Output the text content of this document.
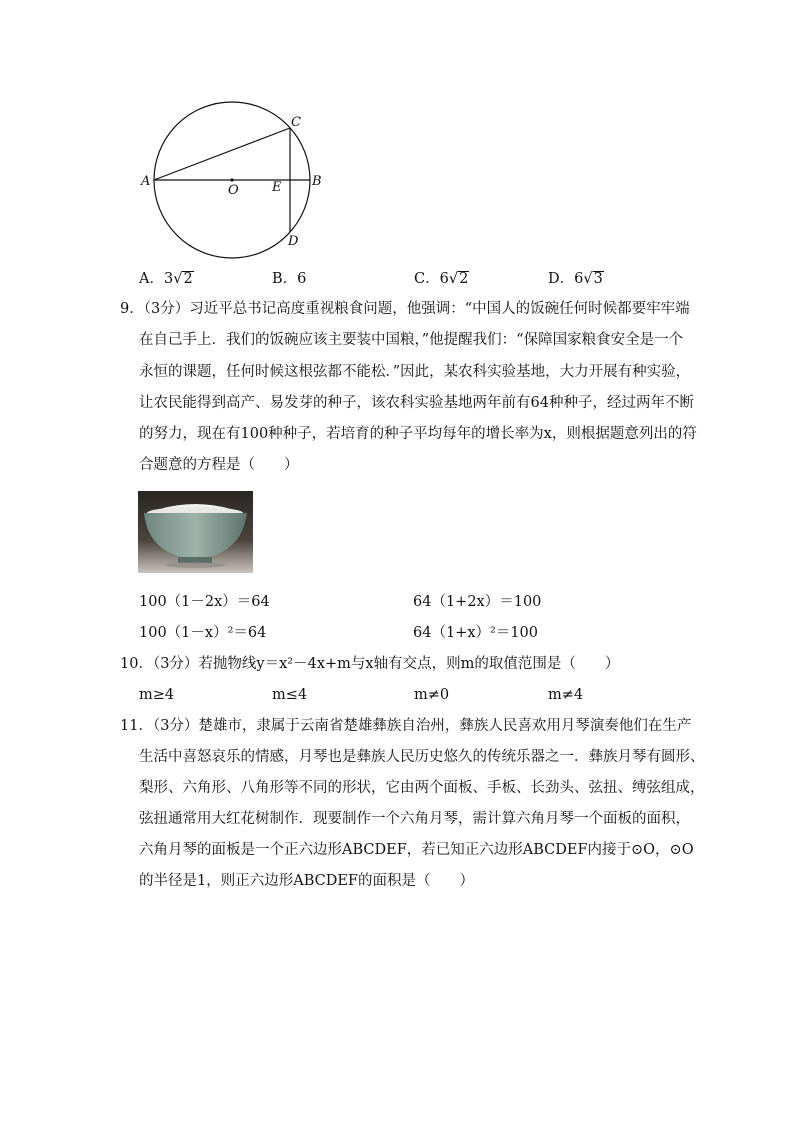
A	B
C
D
E
O
A．3√2	B．6	C．6√2	D．6√3
9．（3分）习近平总书记高度重视粮食问题，他强调：“中国人的饭碗任何时候都要牢牢端
在自己手上．我们的饭碗应该主要装中国粮，”他提醒我们：“保障国家粮食安全是一个
永恒的课题，任何时候这根弦都不能松．”因此，某农科实验基地，大力开展有种实验，
让农民能得到高产、易发芽的种子，该农科实验基地两年前有64种种子，经过两年不断
的努力，现在有100种种子，若培育的种子平均每年的增长率为x，则根据题意列出的符
合题意的方程是（　　）
100（1－2x）＝64	64（1+2x）＝100
100（1－x）²＝64	64（1+x）²＝100
10．（3分）若抛物线y＝x²－4x+m与x轴有交点，则m的取值范围是（　　）
m≥4	m≤4	m≠0	m≠4
11．（3分）楚雄市，隶属于云南省楚雄彝族自治州，彝族人民喜欢用月琴演奏他们在生产
生活中喜怒哀乐的情感，月琴也是彝族人民历史悠久的传统乐器之一．彝族月琴有圆形、
梨形、六角形、八角形等不同的形状，它由两个面板、手板、长劲头、弦扭、缚弦组成，
弦扭通常用大红花树制作．现要制作一个六角月琴，需计算六角月琴一个面板的面积，
六角月琴的面板是一个正六边形ABCDEF，若已知正六边形ABCDEF内接于⊙O，⊙O
的半径是1，则正六边形ABCDEF的面积是（　　）
